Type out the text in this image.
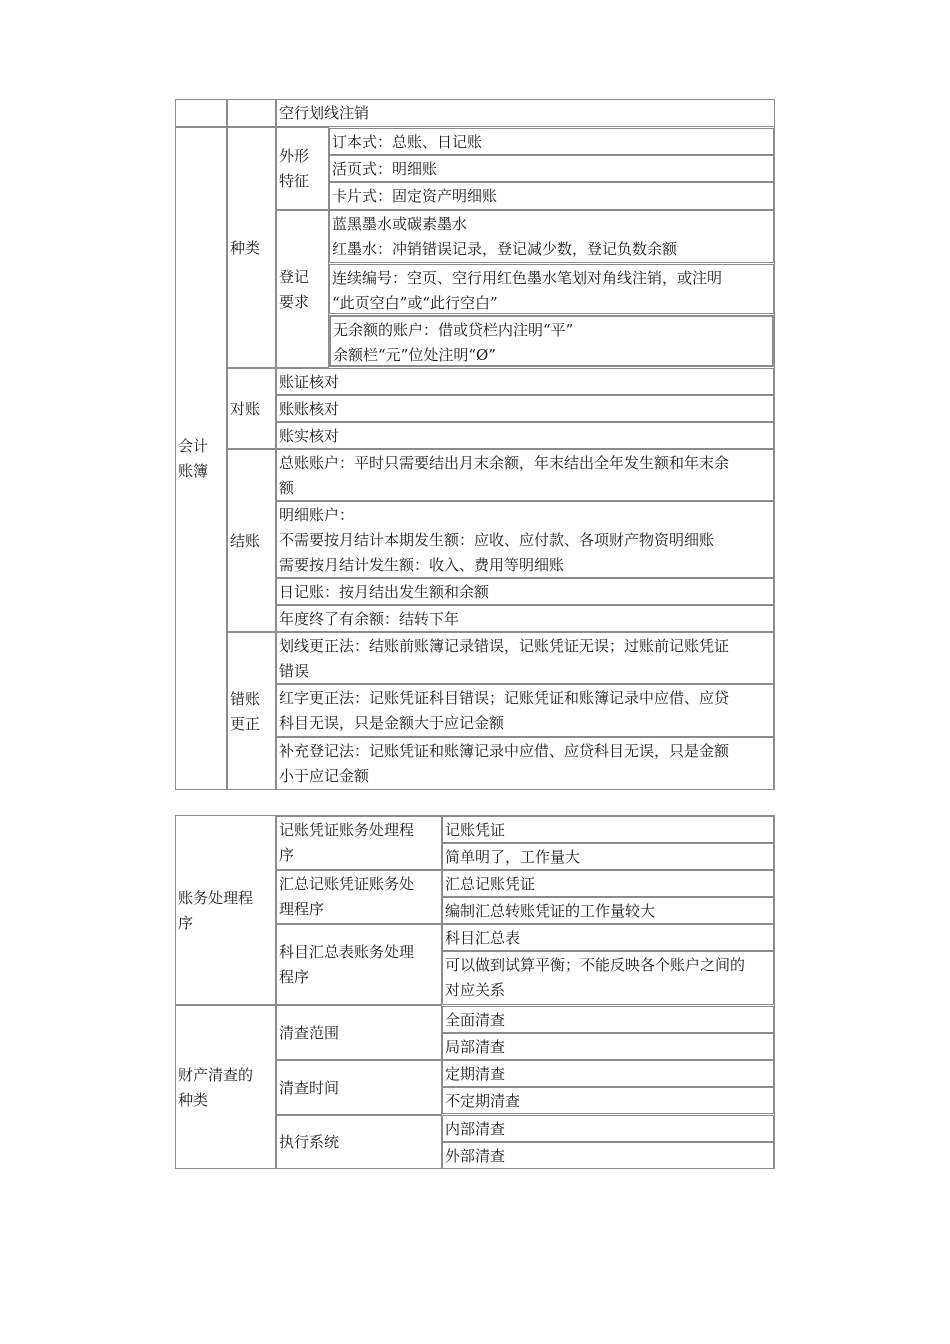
空行划线注销
会计
账簿
种类
外形
特征
订本式：总账、日记账
活页式：明细账
卡片式：固定资产明细账
登记
要求
蓝黑墨水或碳素墨水
红墨水：冲销错误记录，登记减少数，登记负数余额
连续编号：空页、空行用红色墨水笔划对角线注销，或注明
“此页空白”或“此行空白”
无余额的账户：借或贷栏内注明“平”
余额栏“元”位处注明“Ø”
对账
账证核对
账账核对
账实核对
结账
总账账户：平时只需要结出月末余额，年末结出全年发生额和年末余
额
明细账户：
不需要按月结计本期发生额：应收、应付款、各项财产物资明细账
需要按月结计发生额：收入、费用等明细账
日记账：按月结出发生额和余额
年度终了有余额：结转下年
错账
更正
划线更正法：结账前账簿记录错误，记账凭证无误；过账前记账凭证
错误
红字更正法：记账凭证科目错误；记账凭证和账簿记录中应借、应贷
科目无误，只是金额大于应记金额
补充登记法：记账凭证和账簿记录中应借、应贷科目无误，只是金额
小于应记金额
账务处理程
序
记账凭证账务处理程
序
记账凭证
简单明了，工作量大
汇总记账凭证账务处
理程序
汇总记账凭证
编制汇总转账凭证的工作量较大
科目汇总表账务处理
程序
科目汇总表
可以做到试算平衡；不能反映各个账户之间的
对应关系
财产清查的
种类
清查范围
全面清查
局部清查
清查时间
定期清查
不定期清查
执行系统
内部清查
外部清查
